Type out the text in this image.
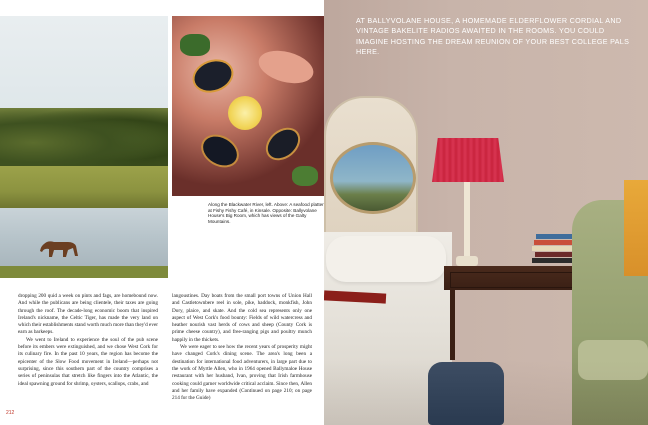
Along the Blackwater River, left. Above: A seafood platter at Fishy Fishy Café, in Kinsale. Opposite: Ballyvolane House's Big Room, which has views of the Galty Mountains.

dropping 200 quid a week on pints and fags, are homebound now. And while the publicans are being clientele, their taxes are going through the roof. The decade-long economic boom that inspired Ireland's nickname, the Celtic Tiger, has made the very land on which their establishments stand worth much more than they'd ever earn as barkeeps.

We went to Ireland to experience the soul of the pub scene before its embers were extinguished, and we chose West Cork for its culinary fire. In the past 10 years, the region has become the epicenter of the Slow Food movement in Ireland—perhaps not surprising, since this southern part of the country comprises a series of peninsulas that stretch like fingers into the Atlantic, the ideal spawning ground for shrimp, oysters, scallops, crabs, and

langoustines. Day boats from the small port towns of Union Hall and Castletownbere reel in sole, pike, haddock, monkfish, John Dory, plaice, and skate. And the cold sea represents only one aspect of West Cork's food bounty: Fields of wild watercress and heather nourish vast herds of cows and sheep (County Cork is prime cheese country), and free-ranging pigs and poultry munch happily in the thickets.

We were eager to see how the recent years of prosperity might have changed Cork's dining scene. The area's long been a destination for international food adventurers, in large part due to the work of Myrtle Allen, who in 1964 opened Ballymaloe House restaurant with her husband, Ivan, proving that Irish farmhouse cooking could garner worldwide critical acclaim. Since then, Allen and her family have expanded (Continued on page 210; on page 214 for the Guide)

212
AT BALLYVOLANE HOUSE, A HOMEMADE ELDERFLOWER CORDIAL AND VINTAGE BAKELITE RADIOS AWAITED IN THE ROOMS. YOU COULD IMAGINE HOSTING THE DREAM REUNION OF YOUR BEST COLLEGE PALS HERE.
